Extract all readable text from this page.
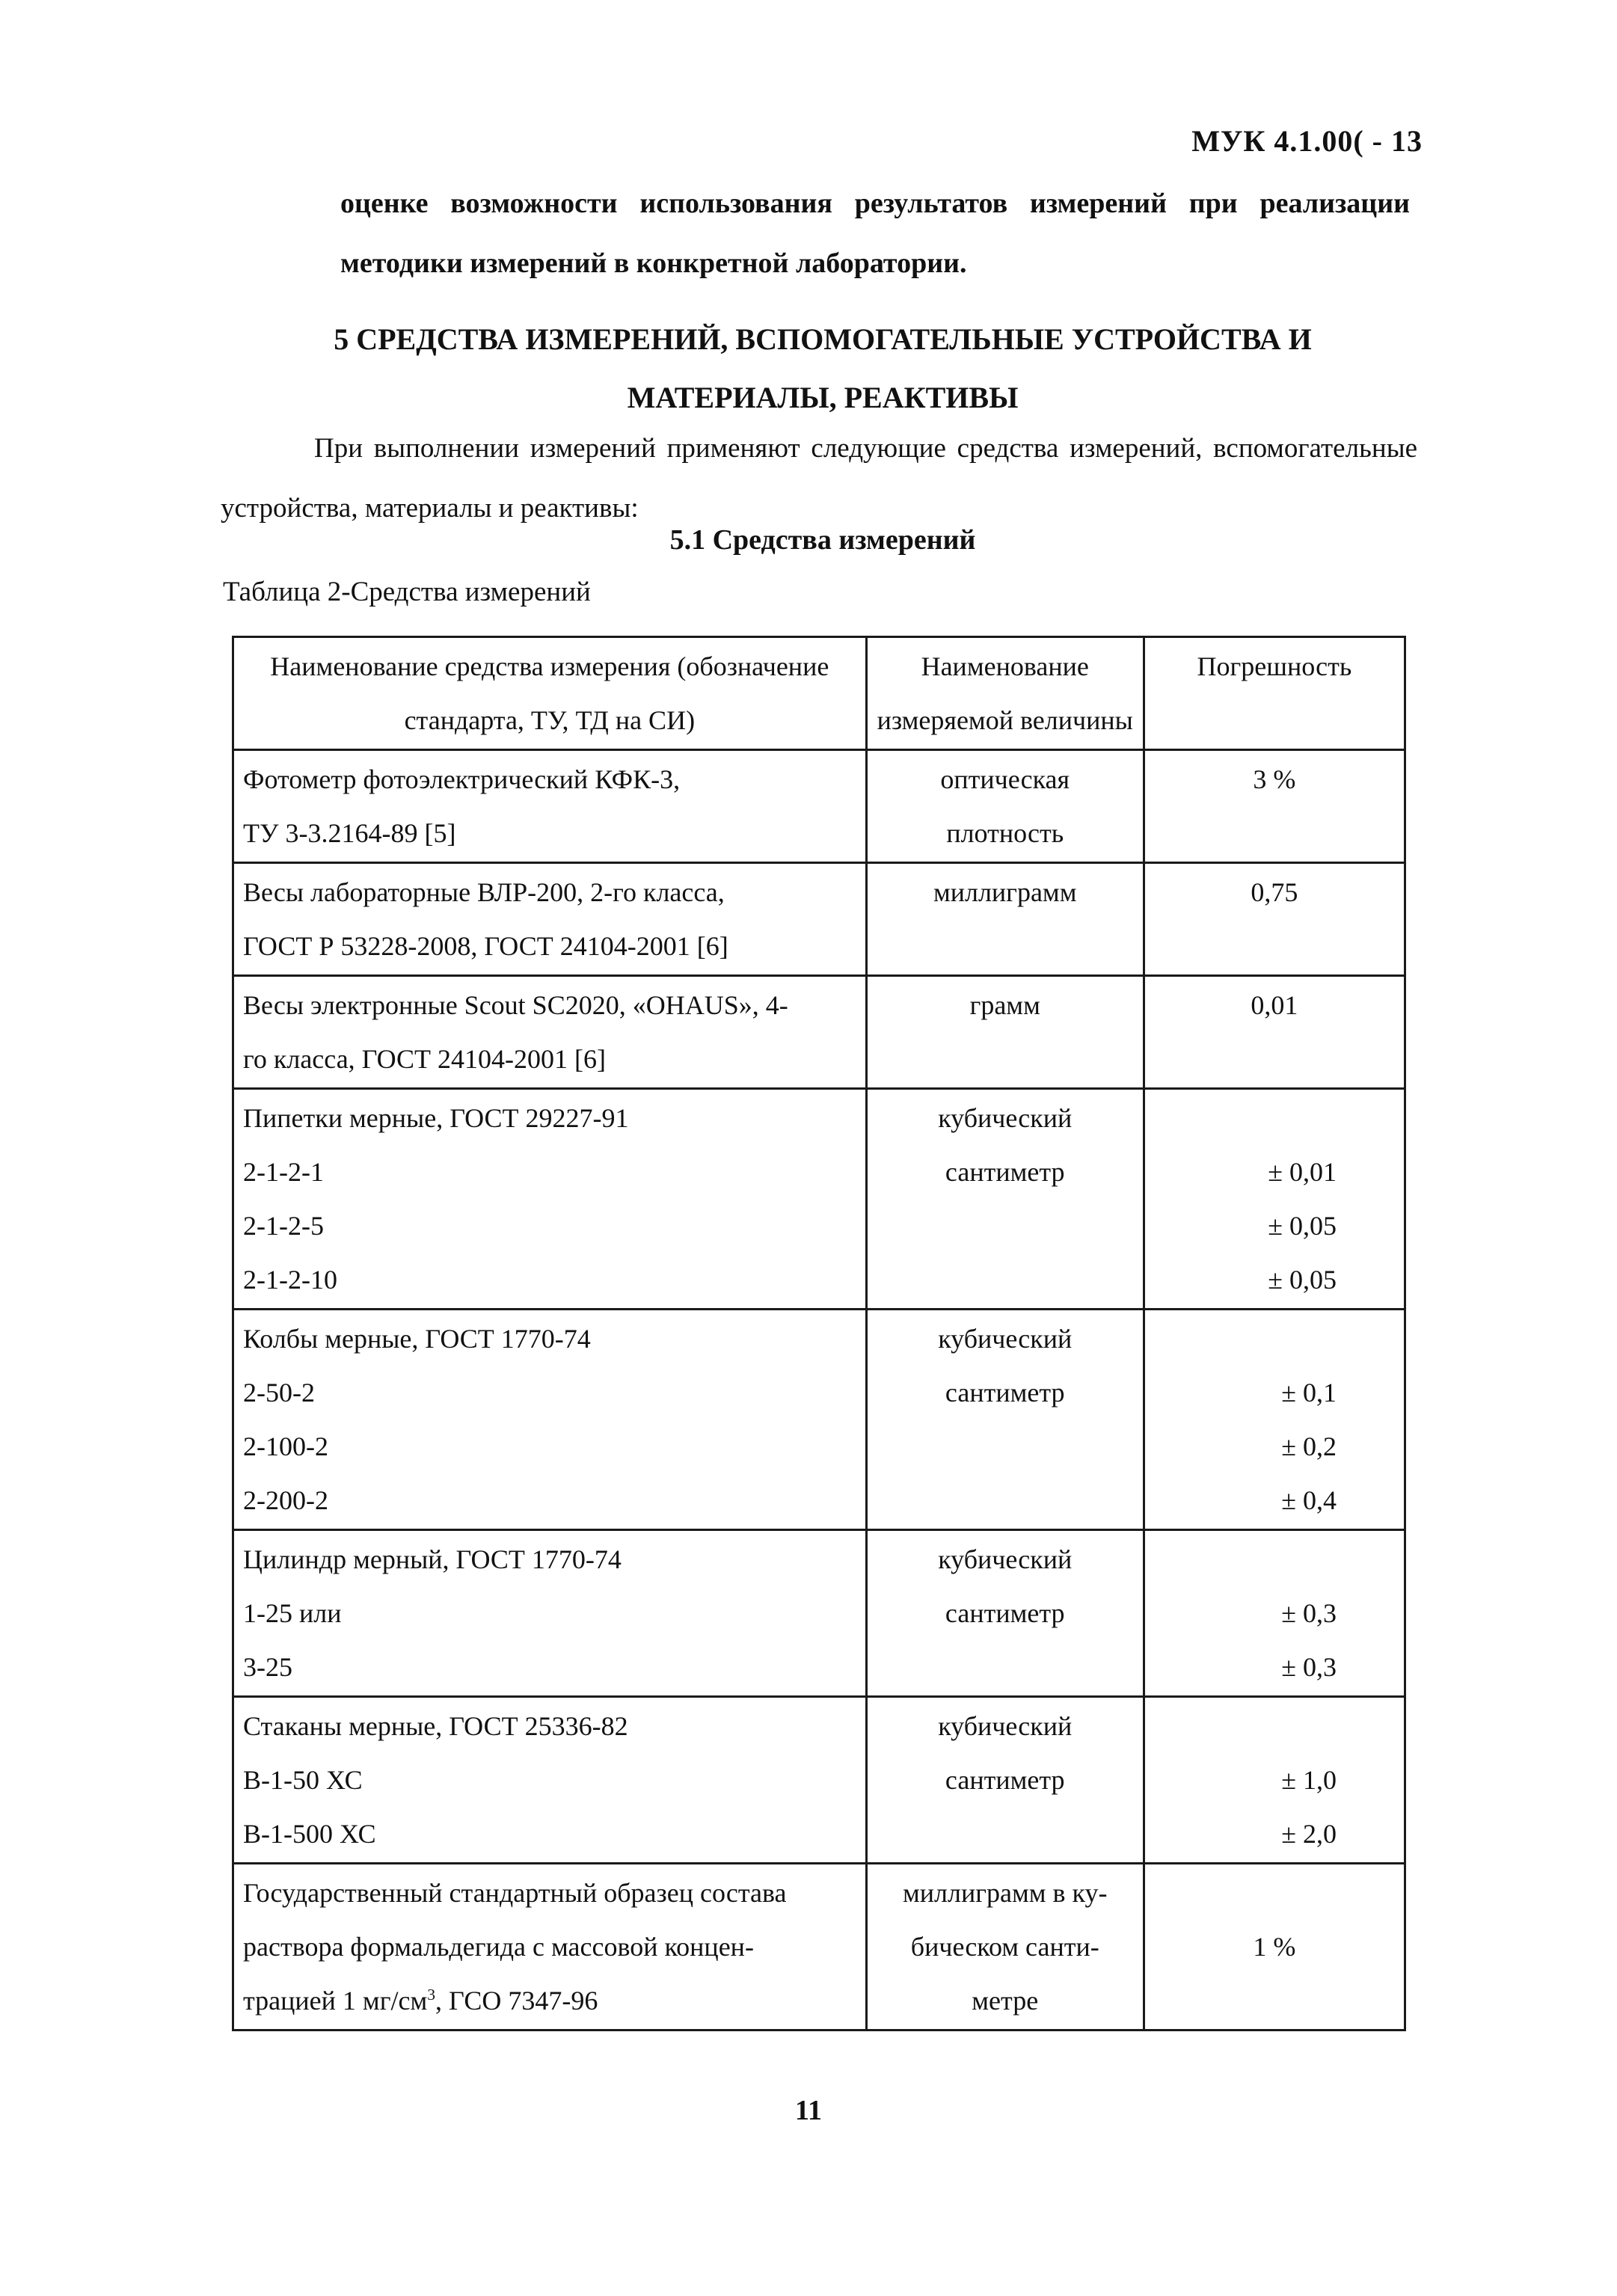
МУК 4.1.00( - 13
оценке возможности использования результатов измерений при реализации методики измерений в конкретной лаборатории.
5 СРЕДСТВА ИЗМЕРЕНИЙ, ВСПОМОГАТЕЛЬНЫЕ УСТРОЙСТВА И
МАТЕРИАЛЫ, РЕАКТИВЫ
При выполнении измерений применяют следующие средства измерений, вспомогательные устройства, материалы и реактивы:
5.1 Средства измерений
Таблица 2-Средства измерений
Наименование средства измерения (обозначение стандарта, ТУ, ТД на СИ)	Наименование измеряемой величины	Погрешность

Фотометр фотоэлектрический КФК-3,
ТУ 3-3.2164-89 [5]	оптическая
плотность	3 %

Весы лабораторные ВЛР-200, 2-го класса,
ГОСТ Р 53228-2008, ГОСТ 24104-2001 [6]	миллиграмм	0,75

Весы электронные Scout SC2020, «OHAUS», 4-
го класса, ГОСТ 24104-2001 [6]	грамм	0,01

Пипетки мерные, ГОСТ 29227-91
2-1-2-1
2-1-2-5
2-1-2-10	кубический
сантиметр	± 0,01
± 0,05
± 0,05

Колбы мерные, ГОСТ 1770-74
2-50-2
2-100-2
2-200-2	кубический
сантиметр	± 0,1
± 0,2
± 0,4

Цилиндр мерный, ГОСТ 1770-74
1-25 или
3-25	кубический
сантиметр	± 0,3
± 0,3

Стаканы мерные, ГОСТ 25336-82
В-1-50 ХС
В-1-500 ХС	кубический
сантиметр	± 1,0
± 2,0

Государственный стандартный образец состава
раствора формальдегида с массовой концен-
трацией 1 $мг/см^3$, ГСО 7347-96	миллиграмм в ку-
бическом санти-
метре	1 %
11
